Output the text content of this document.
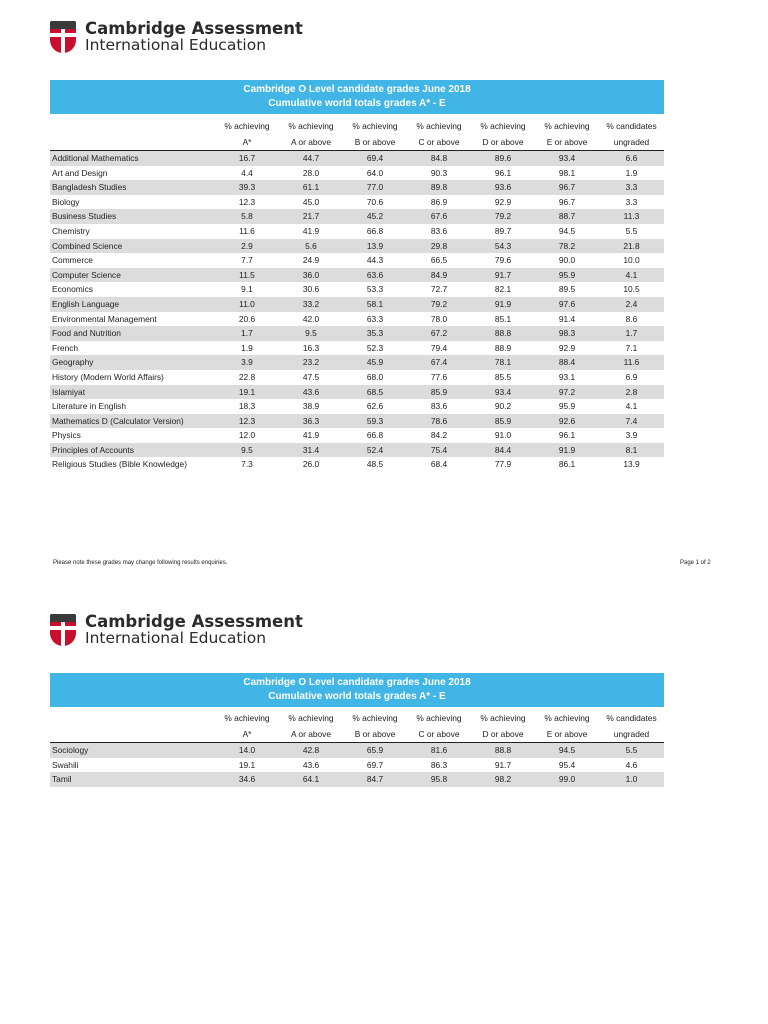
Cambridge Assessment
International Education
Cambridge O Level candidate grades June 2018
Cumulative world totals grades A* - E
	% achieving	% achieving	% achieving	% achieving	% achieving	% achieving	% candidates
	A*	A or above	B or above	C or above	D or above	E or above	ungraded
Additional Mathematics	16.7	44.7	69.4	84.8	89.6	93.4	6.6
Art and Design	4.4	28.0	64.0	90.3	96.1	98.1	1.9
Bangladesh Studies	39.3	61.1	77.0	89.8	93.6	96.7	3.3
Biology	12.3	45.0	70.6	86.9	92.9	96.7	3.3
Business Studies	5.8	21.7	45.2	67.6	79.2	88.7	11.3
Chemistry	11.6	41.9	66.8	83.6	89.7	94.5	5.5
Combined Science	2.9	5.6	13.9	29.8	54.3	78.2	21.8
Commerce	7.7	24.9	44.3	66.5	79.6	90.0	10.0
Computer Science	11.5	36.0	63.6	84.9	91.7	95.9	4.1
Economics	9.1	30.6	53.3	72.7	82.1	89.5	10.5
English Language	11.0	33.2	58.1	79.2	91.9	97.6	2.4
Environmental Management	20.6	42.0	63.3	78.0	85.1	91.4	8.6
Food and Nutrition	1.7	9.5	35.3	67.2	88.8	98.3	1.7
French	1.9	16.3	52.3	79.4	88.9	92.9	7.1
Geography	3.9	23.2	45.9	67.4	78.1	88.4	11.6
History (Modern World Affairs)	22.8	47.5	68.0	77.6	85.5	93.1	6.9
Islamiyat	19.1	43.6	68.5	85.9	93.4	97.2	2.8
Literature in English	18.3	38.9	62.6	83.6	90.2	95.9	4.1
Mathematics D (Calculator Version)	12.3	36.3	59.3	78.6	85.9	92.6	7.4
Physics	12.0	41.9	66.8	84.2	91.0	96.1	3.9
Principles of Accounts	9.5	31.4	52.4	75.4	84.4	91.9	8.1
Religious Studies (Bible Knowledge)	7.3	26.0	48.5	68.4	77.9	86.1	13.9
Please note these grades may change following results enquiries.	Page 1 of 2
Cambridge Assessment
International Education
Cambridge O Level candidate grades June 2018
Cumulative world totals grades A* - E
	% achieving	% achieving	% achieving	% achieving	% achieving	% achieving	% candidates
	A*	A or above	B or above	C or above	D or above	E or above	ungraded
Sociology	14.0	42.8	65.9	81.6	88.8	94.5	5.5
Swahili	19.1	43.6	69.7	86.3	91.7	95.4	4.6
Tamil	34.6	64.1	84.7	95.8	98.2	99.0	1.0
